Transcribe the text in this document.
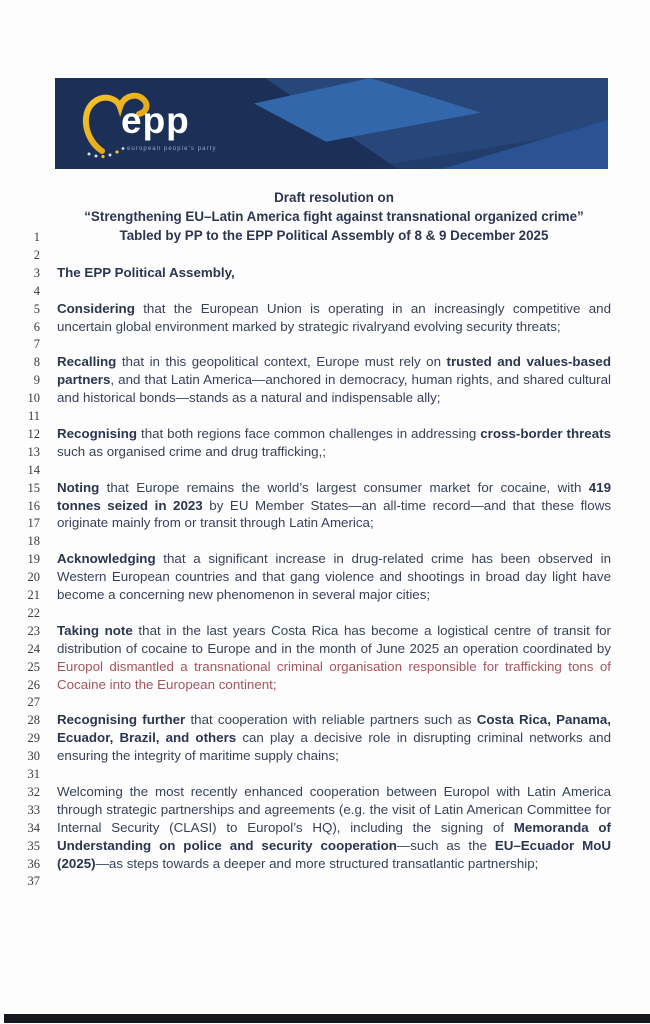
epp
european people’s party
Draft resolution on
“Strengthening EU–Latin America fight against transnational organized crime”
Tabled by PP to the EPP Political Assembly of 8 & 9 December 2025
1
2
3
4
5
6
7
8
9
10
11
12
13
14
15
16
17
18
19
20
21
22
23
24
25
26
27
28
29
30
31
32
33
34
35
36
37
The EPP Political Assembly,
Considering that the European Union is operating in an increasingly competitive and uncertain global environment marked by strategic rivalryand evolving security threats;
Recalling that in this geopolitical context, Europe must rely on trusted and values-based partners, and that Latin America—anchored in democracy, human rights, and shared cultural and historical bonds—stands as a natural and indispensable ally;
Recognising that both regions face common challenges in addressing cross-border threats such as organised crime and drug trafficking,;
Noting that Europe remains the world’s largest consumer market for cocaine, with 419 tonnes seized in 2023 by EU Member States—an all-time record—and that these flows originate mainly from or transit through Latin America;
Acknowledging that a significant increase in drug-related crime has been observed in Western European countries and that gang violence and shootings in broad day light have become a concerning new phenomenon in several major cities;
Taking note that in the last years Costa Rica has become a logistical centre of transit for distribution of cocaine to Europe and in the month of June 2025 an operation coordinated by Europol dismantled a transnational criminal organisation responsible for trafficking tons of Cocaine into the European continent;
Recognising further that cooperation with reliable partners such as Costa Rica, Panama, Ecuador, Brazil, and others can play a decisive role in disrupting criminal networks and ensuring the integrity of maritime supply chains;
Welcoming the most recently enhanced cooperation between Europol with Latin America through strategic partnerships and agreements (e.g. the visit of Latin American Committee for Internal Security (CLASI) to Europol’s HQ), including the signing of Memoranda of Understanding on police and security cooperation—such as the EU–Ecuador MoU (2025)—as steps towards a deeper and more structured transatlantic partnership;
